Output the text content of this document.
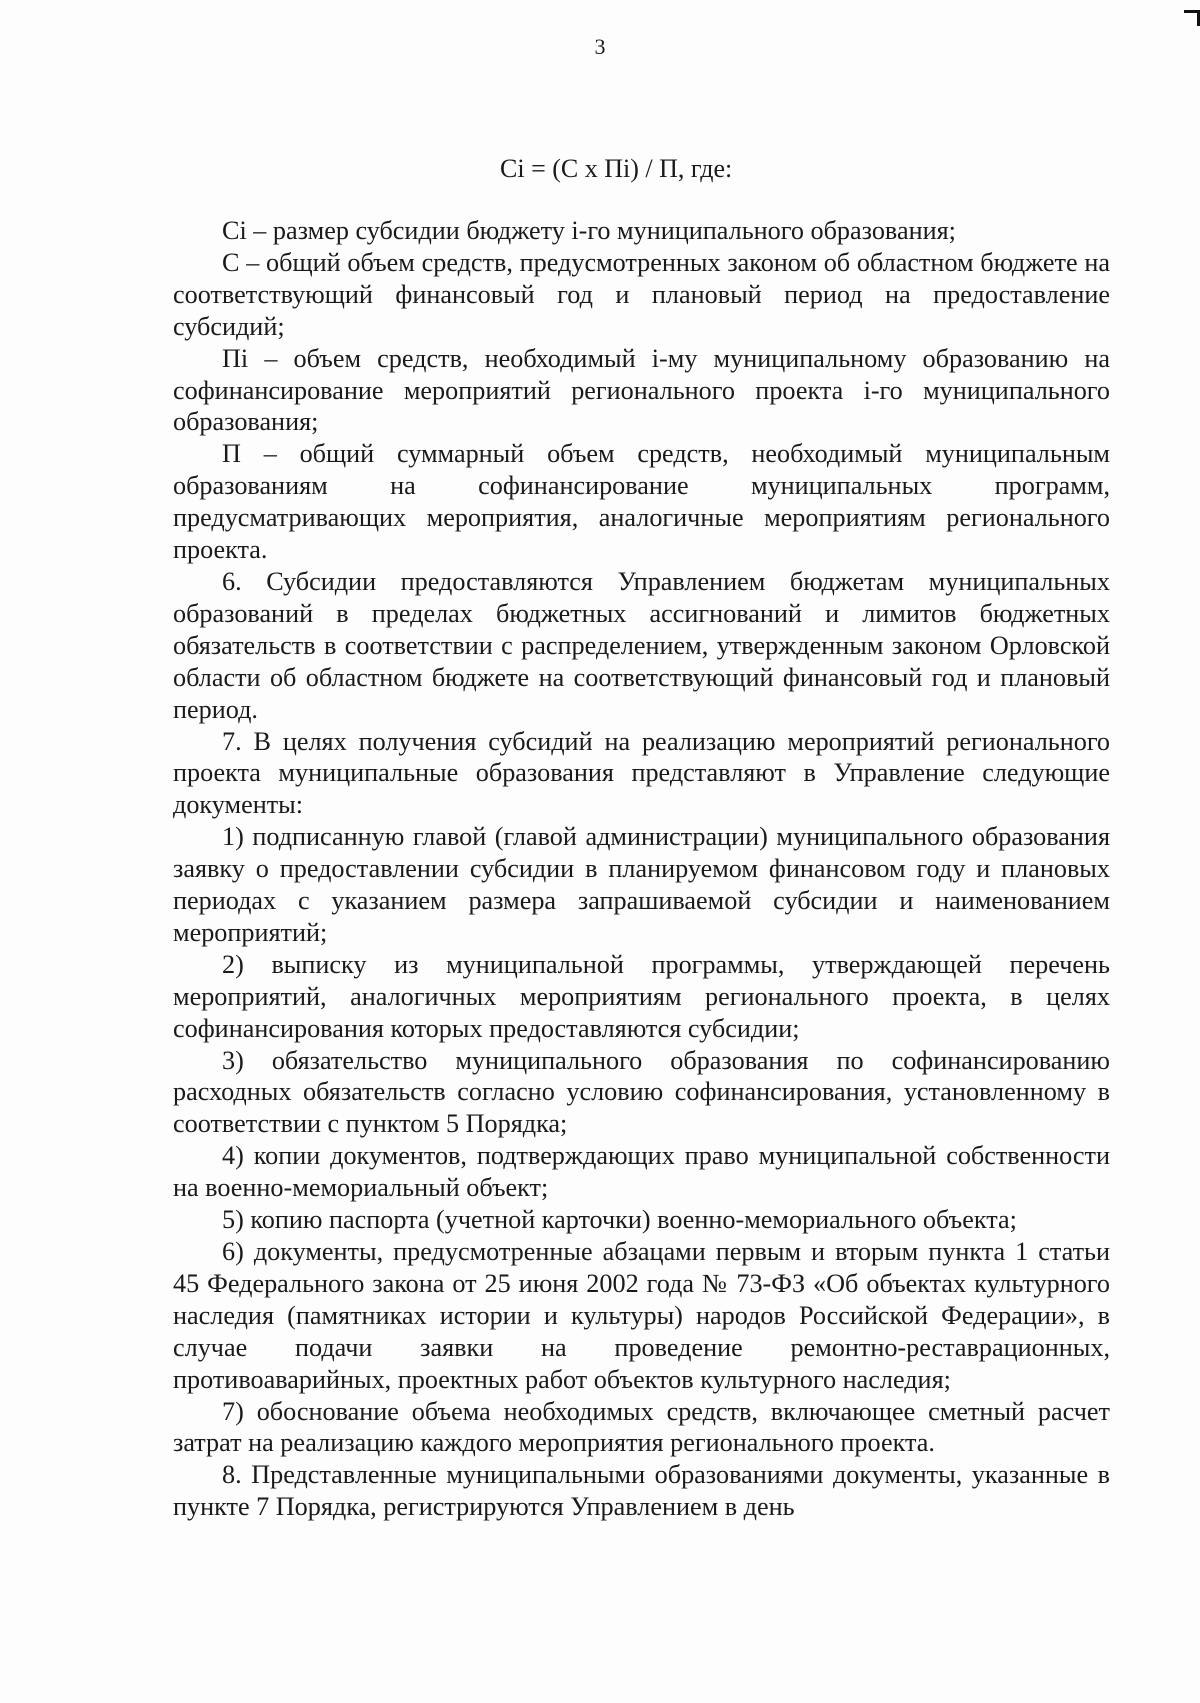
3
Сi = (С х Пi) / П, где:

Сi – размер субсидии бюджету i-го муниципального образования;

С – общий объем средств, предусмотренных законом об областном бюджете на соответствующий финансовый год и плановый период на предоставление субсидий;

Пi – объем средств, необходимый i-му муниципальному образованию на софинансирование мероприятий регионального проекта i-го муниципального образования;

П – общий суммарный объем средств, необходимый муниципальным образованиям на софинансирование муниципальных программ, предусматривающих мероприятия, аналогичные мероприятиям регионального проекта.

6. Субсидии предоставляются Управлением бюджетам муниципальных образований в пределах бюджетных ассигнований и лимитов бюджетных обязательств в соответствии с распределением, утвержденным законом Орловской области об областном бюджете на соответствующий финансовый год и плановый период.

7. В целях получения субсидий на реализацию мероприятий регионального проекта муниципальные образования представляют в Управление следующие документы:

1) подписанную главой (главой администрации) муниципального образования заявку о предоставлении субсидии в планируемом финансовом году и плановых периодах с указанием размера запрашиваемой субсидии и наименованием мероприятий;

2) выписку из муниципальной программы, утверждающей перечень мероприятий, аналогичных мероприятиям регионального проекта, в целях софинансирования которых предоставляются субсидии;

3) обязательство муниципального образования по софинансированию расходных обязательств согласно условию софинансирования, установленному в соответствии с пунктом 5 Порядка;

4) копии документов, подтверждающих право муниципальной собственности на военно-мемориальный объект;

5) копию паспорта (учетной карточки) военно-мемориального объекта;

6) документы, предусмотренные абзацами первым и вторым пункта 1 статьи 45 Федерального закона от 25 июня 2002 года № 73-ФЗ «Об объектах культурного наследия (памятниках истории и культуры) народов Российской Федерации», в случае подачи заявки на проведение ремонтно-реставрационных, противоаварийных, проектных работ объектов культурного наследия;

7) обоснование объема необходимых средств, включающее сметный расчет затрат на реализацию каждого мероприятия регионального проекта.

8. Представленные муниципальными образованиями документы, указанные в пункте 7 Порядка, регистрируются Управлением в день
